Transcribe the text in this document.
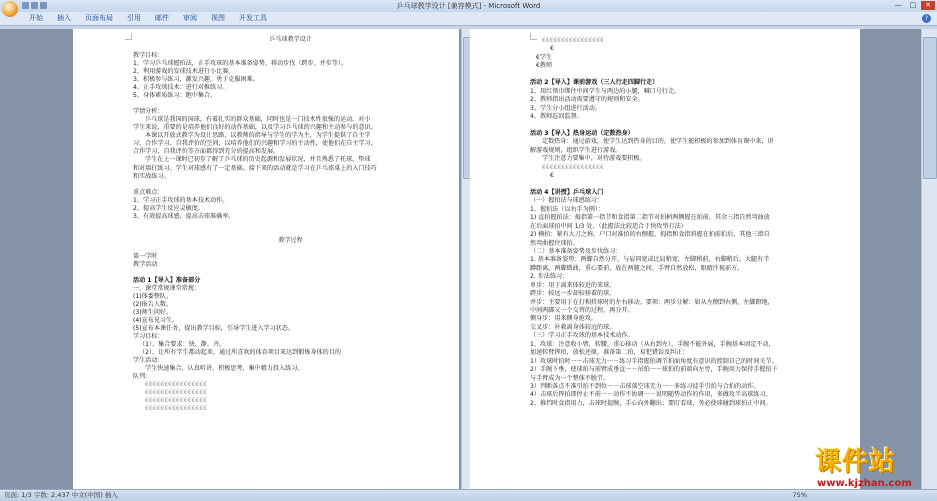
乒乓球教学设计 [兼容模式] - Microsoft Word	—	□	✕
开始	插入	页面布局	引用	邮件	审阅	视图	开发工具	?
乒乓球教学设计
教学目标：
1、学习乒乓球握拍法，正手攻球的基本准备姿势，移动步伐（跨步、并步等）。
2、利用游戏的发球技术进行小比赛。
3、积极参与练习，激发兴趣，勇于克服困难。
4、正手攻球技术：进行对推练习。
5、身体素质练习：跑中集合。
学情分析：
乒乓球是我国的国球，有着扎实的群众基础，同时也是一门技术性很强的运动，对小
学生来说，重要的是培养他们良好的动作基础，以及学习乒乓球的兴趣和主动参与的意识。
本课以开放式教学为设计思路，以教师的指导与学生的学为主，为学生提供了自主学
习、合作学习、自我评价的空间，以培养他们的兴趣和学习的主动性，使他们在自主学习、
合作学习、自我评价等方面都得到充分的提高和发展。
学生在上一课时已初步了解了乒乓球的历史起源和发展状况，并且熟悉了托球、垫球
和对墙打练习。学生对球感有了一定基础。接下来的活动就是学习在乒乓球桌上的入门技巧
和实战练习。
重点难点：
1、学习正手攻球的基本技术动作。
2、提高学生反应灵敏度。
3、有效提高球感，提高击球准确率。
教学过程
第一学时
教学活动
活动 1【导入】准备部分
一、课堂常规课堂常规：
(1)体委整队。
(2)报告人数。
(3)师生问好。
(4)宣布见习生。
(5)宣布本课任务，提出教学目标，引导学生进入学习状态。
学习目标：
（1）、集合要求：快、静、齐。
（2）、让所有学生都动起来，通过所喜欢的体育项目来达到锻炼身体的目的
学生活动：
学生快速集合，认真听讲，积极思考，集中精力投入练习。
队列：
€€€€€€€€€€€€€€€€
€€€€€€€€€€€€€€€€
€€€€€€€€€€€€€€€€
€€€€€€€€€€€€€€€€
€€€€€€€€€€€€€€€€
€
€学生
€教师
活动 2【导入】课前游戏（三人行走四脚行走）
1、用红领巾绑住中间学生与两边的小腿，喊口号行走。
2、教师指出活动需要遵守的规则和安全。
3、学生分小组进行活动。
4、教师巡回监督。
活动 3【导入】热身运动（定数热身）
定数热身：通过游戏，使学生达到热身的目的，使学生能积极的参加到体育课中来，讲
解游戏规则，组织学生进行游戏。
学生注意力要集中，对待游戏要积极。
€€€€€€€€€€€€€€€€
€
活动 4【讲授】乒乓球入门
（一）握拍法与球感练习：
1、握拍法（以右手为例）：
1) 直拍握拍法：拇指第一指节和食指第二指节对拍柄两侧握在拍前，其余三指自然弯曲放
在后面球拍中间 1/3 处。（此握法比较适合于快攻型打法）
2) 横拍：紧有大刀之称，户口对准拍的右侧握，拇指和食指斜握在拍前拍后，其他三指自
然弯曲握住球拍。
（二）基本准备姿势及步伐练习：
1. 基本准备姿势：两脚自然分开，与肩同宽或比肩稍宽，左脚稍前，右脚稍后，大腿有半
蹲距离，两脚微曲，重心要前，放在两腿之间，手臂自然放松，眼睛注视前方。
2. 步法练习：
单步：用于离来体较近的来球。
跨步：较远一步却较移着的球。
并步：主要用于在打相持球时的左右移动。要领：两步分解：如从左侧到右侧，左脚蹬地，
中间两脚又一个交替的过程，再分开。
侧身步：用来侧身抢攻。
交叉步：补救离身体较远的球。
（三）学习正手攻球的基本技术动作。
1、攻球：注意收小臂，转腰，重心移动（从右到左），手腕不能外展，手腕基本固定不动，
加速转臂挥拍，放松还原，准备第二拍，易犯错误及纠正：
1）攻球时拍时一－击球无力一－练习手指握拍调节拍面角度有意识的控制自己的时间关节。
2）手腕下垂，使球拍与前臂成垂直一－吊拍一－球拍的前端向左旁，手腕用力保持手握拍子
与手臂成为一个整体不脱节。
3）判断落点不准引拍不到位一－击球落空球无力一－多练习徒手引拍与合拍的动作。
4）击球后挥拍即停止不前一－动作不协调一－说明随势动作的作用，多做攻半高球练习。
2、推挡时食指用力，击球时提腕，手心向外翻出；要盯看球，务必使球碰到球拍正中间。
页面: 1/3 字数: 2,437 中文(中国) 插入	75%
课件站
www.kjzhan.com
